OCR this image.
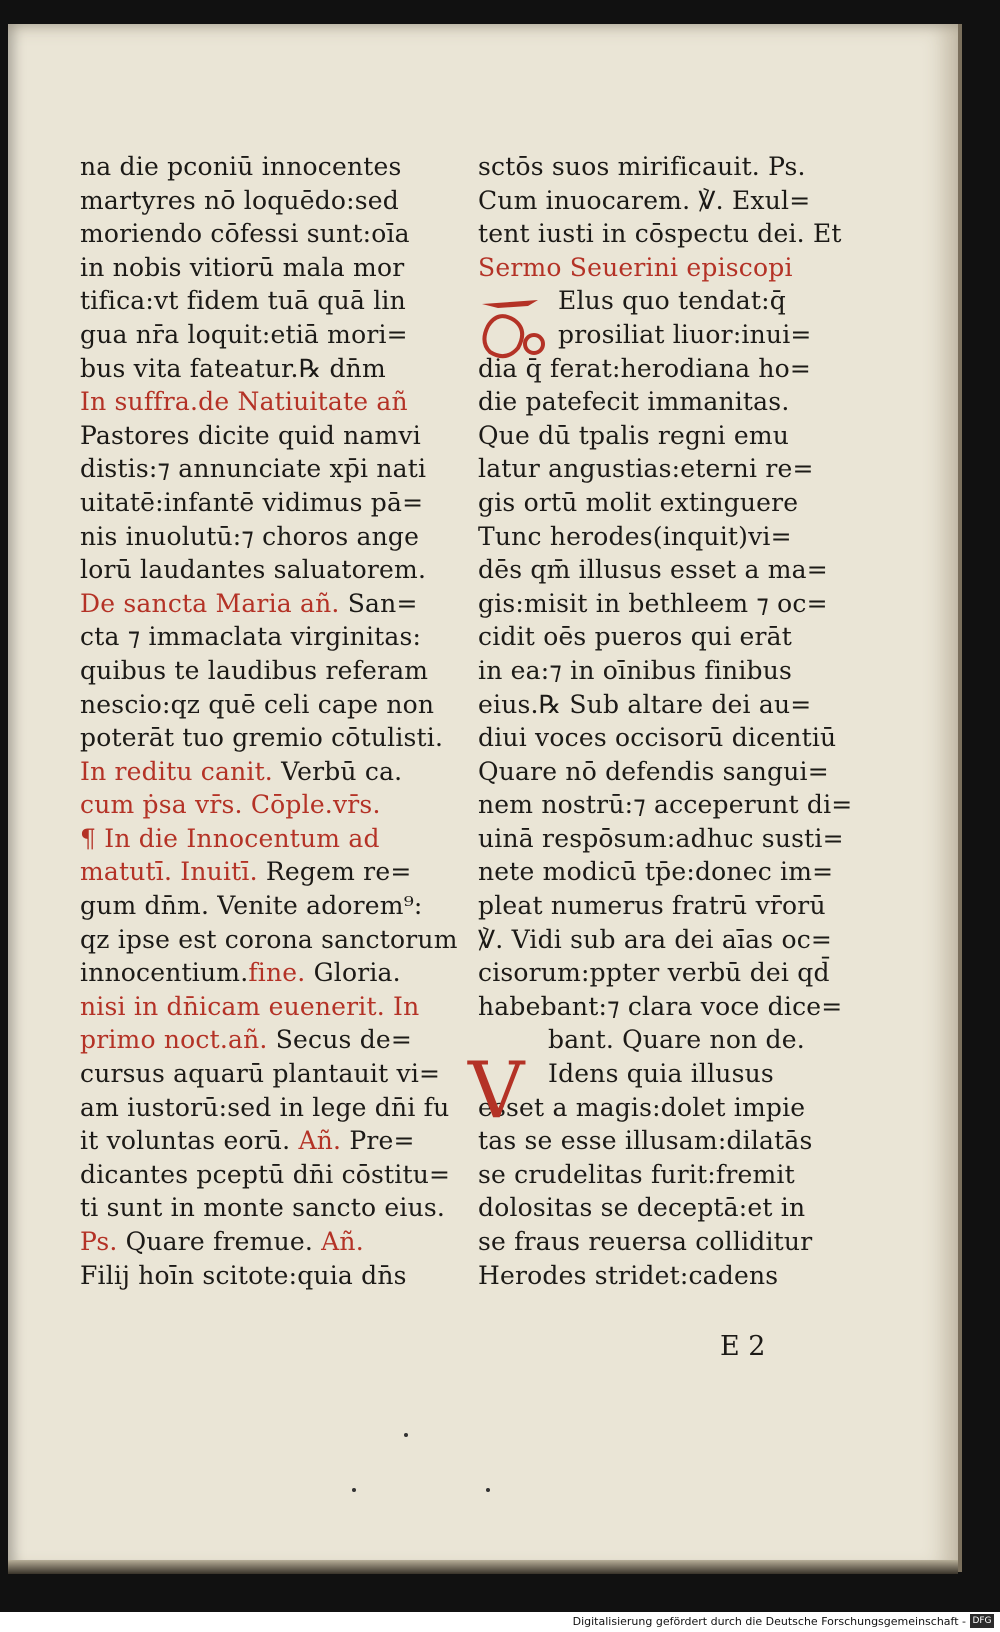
na die pconiū innocentes
martyres nō loquēdo:sed
moriendo cōfessi sunt:oīa
in nobis vitiorū mala mor
tifica:vt fidem tuā quā lin
gua nr̄a loquit:etiā mori=
bus vita fateatur.℞ dn̄m
In suffra.de Natiuitate añ
Pastores dicite quid namvi
distis:⁊ annunciate xp̄i nati
uitatē:infantē vidimus pā=
nis inuolutū:⁊ choros ange
lorū laudantes saluatorem.
De sancta Maria añ. San=
cta ⁊ immaclata virginitas:
quibus te laudibus referam
nescio:qz quē celi cape non
poterāt tuo gremio cōtulisti.
In reditu canit. Verbū ca.
cum ṗsa vr̄s. Cōple.vr̄s.
¶ In die Innocentum ad
matutī. Inuitī. Regem re=
gum dn̄m. Venite adorem⁹:
qz ipse est corona sanctorum
innocentium.fine. Gloria.
nisi in dn̄icam euenerit. In
primo noct.añ. Secus de=
cursus aquarū plantauit vi=
am iustorū:sed in lege dn̄i fu
it voluntas eorū. Añ. Pre=
dicantes pceptū dn̄i cōstitu=
ti sunt in monte sancto eius.
Ps. Quare fremue. Añ.
Filij hoīn scitote:quia dn̄s
sctōs suos mirificauit. Ps.
Cum inuocarem. ℣. Exul=
tent iusti in cōspectu dei. Et
Sermo Seuerini episcopi
Elus quo tendat:q̄
prosiliat liuor:inui=
dia q̄ ferat:herodiana ho=
die patefecit immanitas.
Que dū tpalis regni emu
latur angustias:eterni re=
gis ortū molit extinguere
Tunc herodes(inquit)vi=
dēs qm̄ illusus esset a ma=
gis:misit in bethleem ⁊ oc=
cidit oēs pueros qui erāt
in ea:⁊ in oīnibus finibus
eius.℞ Sub altare dei au=
diui voces occisorū dicentiū
Quare nō defendis sangui=
nem nostrū:⁊ acceperunt di=
uinā respōsum:adhuc susti=
nete modicū tp̄e:donec im=
pleat numerus fratrū vr̄orū
℣. Vidi sub ara dei aīas oc=
cisorum:ppter verbū dei qd̄
habebant:⁊ clara voce dice=
bant. Quare non de.
Idens quia illusus
esset a magis:dolet impie
tas se esse illusam:dilatās
se crudelitas furit:fremit
dolositas se deceptā:et in
se fraus reuersa colliditur
Herodes stridet:cadens
V
E 2
Digitalisierung gefördert durch die Deutsche Forschungsgemeinschaft - DFG
